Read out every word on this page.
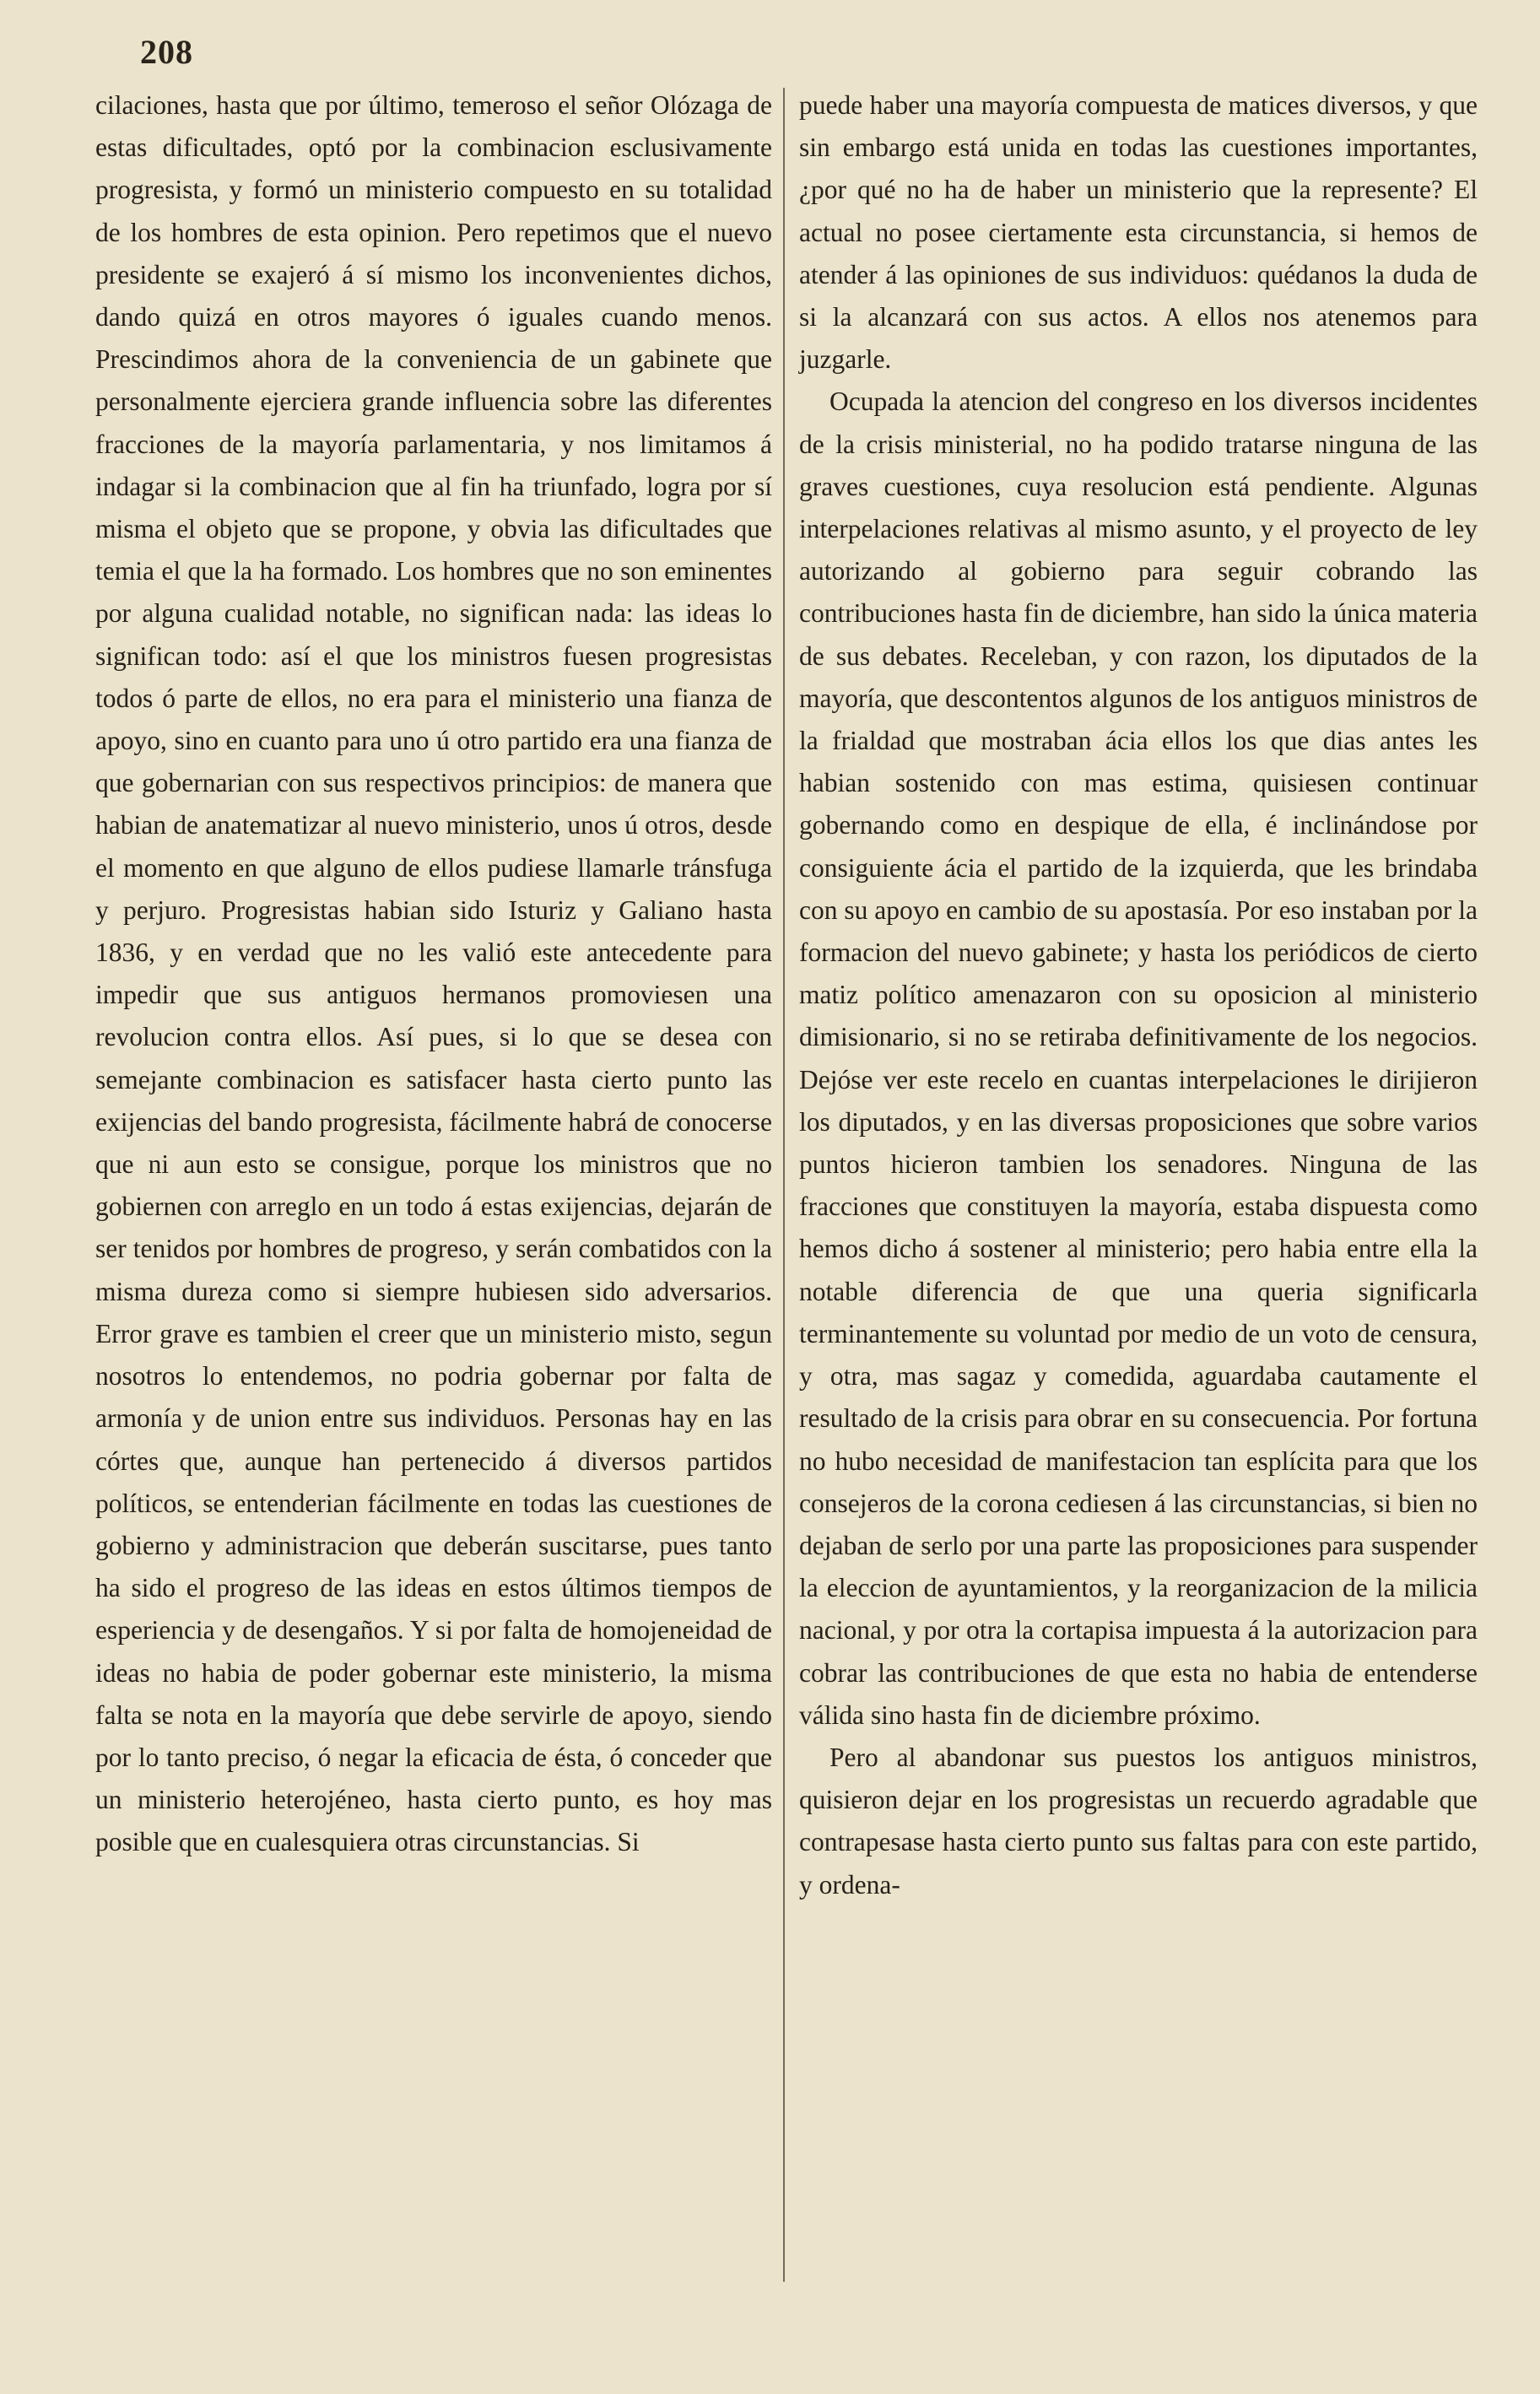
208

cilaciones, hasta que por último, temeroso el señor Olózaga de estas dificultades, optó por la combinacion esclusivamente progresista, y formó un ministerio compuesto en su totalidad de los hombres de esta opinion. Pero repetimos que el nuevo presidente se exajeró á sí mismo los inconvenientes dichos, dando quizá en otros mayores ó iguales cuando menos. Prescindimos ahora de la conveniencia de un gabinete que personalmente ejerciera grande influencia sobre las diferentes fracciones de la mayoría parlamentaria, y nos limitamos á indagar si la combinacion que al fin ha triunfado, logra por sí misma el objeto que se propone, y obvia las dificultades que temia el que la ha formado. Los hombres que no son eminentes por alguna cualidad notable, no significan nada: las ideas lo significan todo: así el que los ministros fuesen progresistas todos ó parte de ellos, no era para el ministerio una fianza de apoyo, sino en cuanto para uno ú otro partido era una fianza de que gobernarian con sus respectivos principios: de manera que habian de anatematizar al nuevo ministerio, unos ú otros, desde el momento en que alguno de ellos pudiese llamarle tránsfuga y perjuro. Progresistas habian sido Isturiz y Galiano hasta 1836, y en verdad que no les valió este antecedente para impedir que sus antiguos hermanos promoviesen una revolucion contra ellos. Así pues, si lo que se desea con semejante combinacion es satisfacer hasta cierto punto las exijencias del bando progresista, fácilmente habrá de conocerse que ni aun esto se consigue, porque los ministros que no gobiernen con arreglo en un todo á estas exijencias, dejarán de ser tenidos por hombres de progreso, y serán combatidos con la misma dureza como si siempre hubiesen sido adversarios. Error grave es tambien el creer que un ministerio misto, segun nosotros lo entendemos, no podria gobernar por falta de armonía y de union entre sus individuos. Personas hay en las córtes que, aunque han pertenecido á diversos partidos políticos, se entenderian fácilmente en todas las cuestiones de gobierno y administracion que deberán suscitarse, pues tanto ha sido el progreso de las ideas en estos últimos tiempos de esperiencia y de desengaños. Y si por falta de homojeneidad de ideas no habia de poder gobernar este ministerio, la misma falta se nota en la mayoría que debe servirle de apoyo, siendo por lo tanto preciso, ó negar la eficacia de ésta, ó conceder que un ministerio heterojéneo, hasta cierto punto, es hoy mas posible que en cualesquiera otras circunstancias. Si

puede haber una mayoría compuesta de matices diversos, y que sin embargo está unida en todas las cuestiones importantes, ¿por qué no ha de haber un ministerio que la represente? El actual no posee ciertamente esta circunstancia, si hemos de atender á las opiniones de sus individuos: quédanos la duda de si la alcanzará con sus actos. A ellos nos atenemos para juzgarle.

Ocupada la atencion del congreso en los diversos incidentes de la crisis ministerial, no ha podido tratarse ninguna de las graves cuestiones, cuya resolucion está pendiente. Algunas interpelaciones relativas al mismo asunto, y el proyecto de ley autorizando al gobierno para seguir cobrando las contribuciones hasta fin de diciembre, han sido la única materia de sus debates. Receleban, y con razon, los diputados de la mayoría, que descontentos algunos de los antiguos ministros de la frialdad que mostraban ácia ellos los que dias antes les habian sostenido con mas estima, quisiesen continuar gobernando como en despique de ella, é inclinándose por consiguiente ácia el partido de la izquierda, que les brindaba con su apoyo en cambio de su apostasía. Por eso instaban por la formacion del nuevo gabinete; y hasta los periódicos de cierto matiz político amenazaron con su oposicion al ministerio dimisionario, si no se retiraba definitivamente de los negocios. Dejóse ver este recelo en cuantas interpelaciones le dirijieron los diputados, y en las diversas proposiciones que sobre varios puntos hicieron tambien los senadores. Ninguna de las fracciones que constituyen la mayoría, estaba dispuesta como hemos dicho á sostener al ministerio; pero habia entre ella la notable diferencia de que una queria significarla terminantemente su voluntad por medio de un voto de censura, y otra, mas sagaz y comedida, aguardaba cautamente el resultado de la crisis para obrar en su consecuencia. Por fortuna no hubo necesidad de manifestacion tan esplícita para que los consejeros de la corona cediesen á las circunstancias, si bien no dejaban de serlo por una parte las proposiciones para suspender la eleccion de ayuntamientos, y la reorganizacion de la milicia nacional, y por otra la cortapisa impuesta á la autorizacion para cobrar las contribuciones de que esta no habia de entenderse válida sino hasta fin de diciembre próximo.

Pero al abandonar sus puestos los antiguos ministros, quisieron dejar en los progresistas un recuerdo agradable que contrapesase hasta cierto punto sus faltas para con este partido, y ordena-
